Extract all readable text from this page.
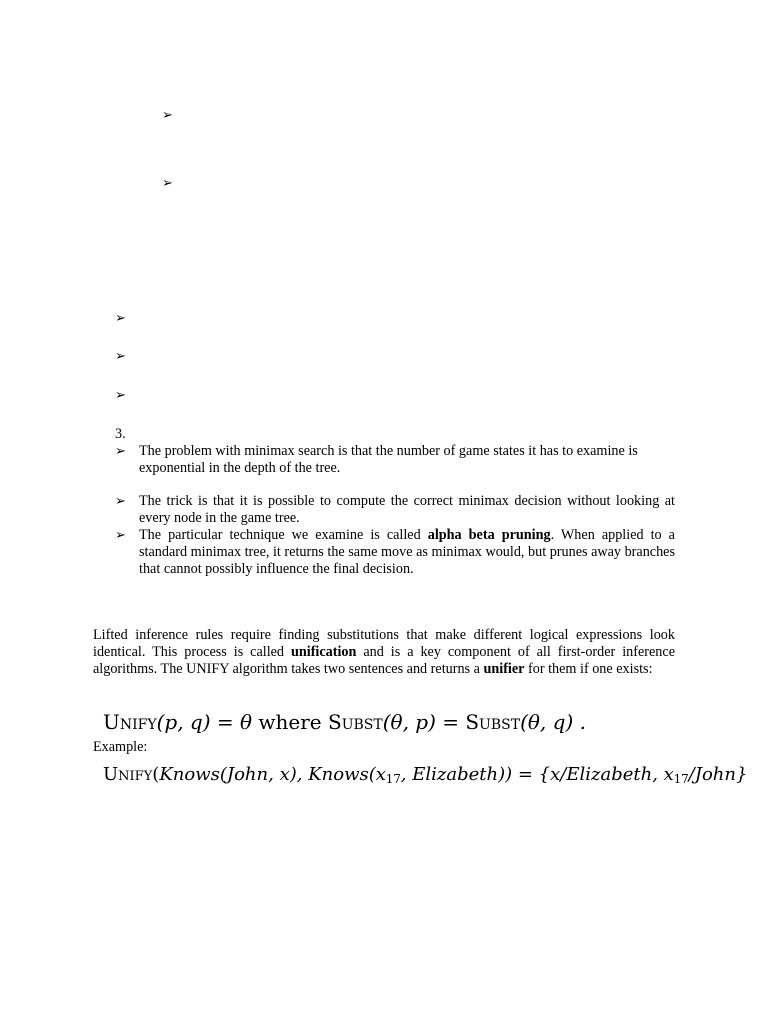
➢
➢
➢
➢
➢
3.
➢ The problem with minimax search is that the number of game states it has to examine is
exponential in the depth of the tree.
➢ The trick is that it is possible to compute the correct minimax decision without looking at every node in the game tree.
➢ The particular technique we examine is called alpha beta pruning. When applied to a standard minimax tree, it returns the same move as minimax would, but prunes away branches that cannot possibly influence the final decision.
Lifted inference rules require finding substitutions that make different logical expressions look identical. This process is called unification and is a key component of all first-order inference algorithms. The UNIFY algorithm takes two sentences and returns a unifier for them if one exists:
Unify(p, q) = θ where Subst(θ, p) = Subst(θ, q) .
Example:
Unify(Knows(John, x), $Knows(x_{17}$, Elizabeth)) = {x/Elizabeth, $x_{17}/John$}
